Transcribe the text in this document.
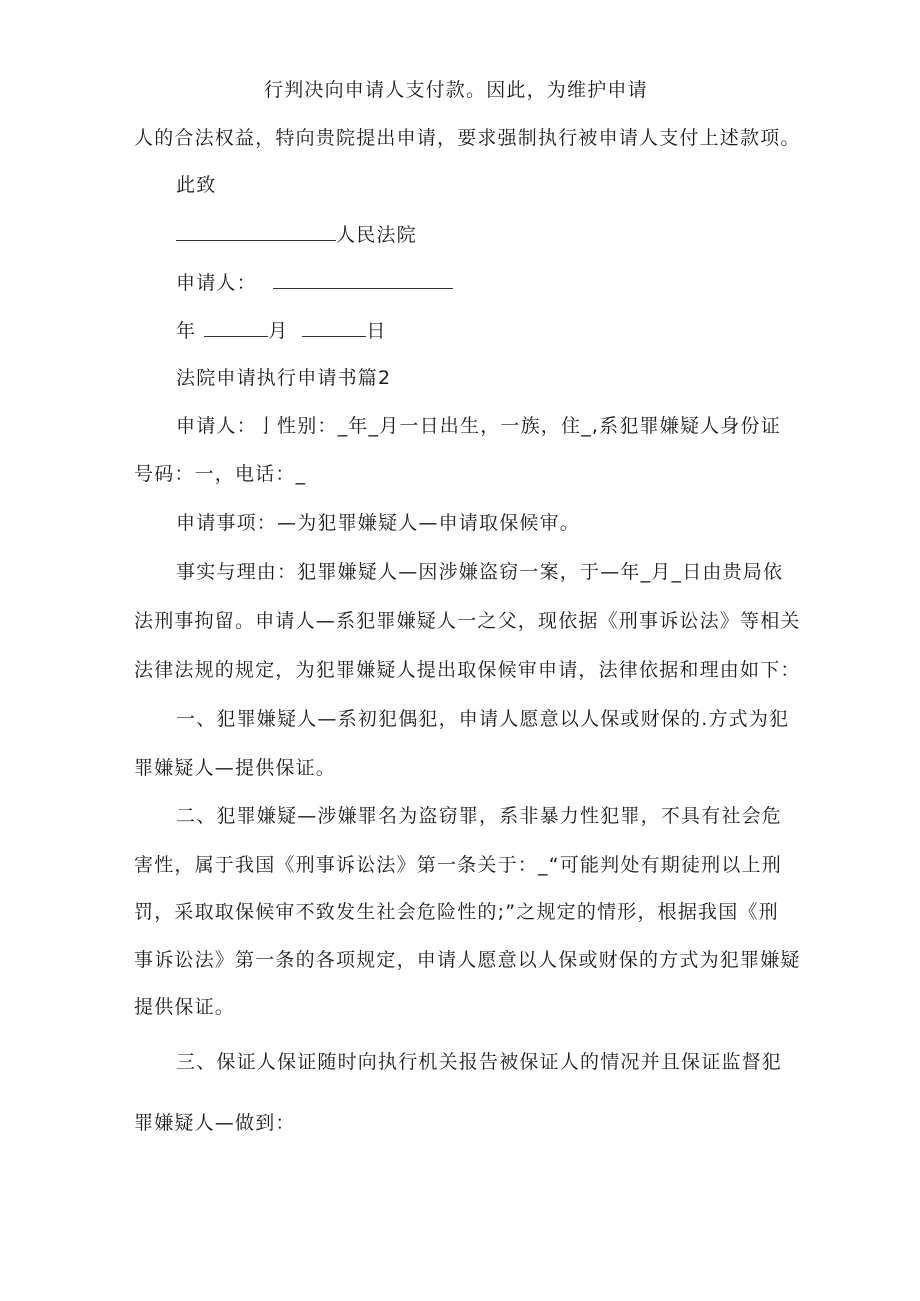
行判决向申请人支付款。因此，为维护申请
人的合法权益，特向贵院提出申请，要求强制执行被申请人支付上述款项。
此致
人民法院
申请人：
年	月	日
法院申请执行申请书篇2
申请人：亅性别：_年_月一日出生，一族，住_,系犯罪嫌疑人身份证
号码：一，电话：_
申请事项：—为犯罪嫌疑人—申请取保候审。
事实与理由：犯罪嫌疑人—因涉嫌盗窃一案，于—年_月_日由贵局依
法刑事拘留。申请人—系犯罪嫌疑人一之父，现依据《刑事诉讼法》等相关
法律法规的规定，为犯罪嫌疑人提出取保候审申请，法律依据和理由如下：
一、犯罪嫌疑人—系初犯偶犯，申请人愿意以人保或财保的.方式为犯
罪嫌疑人—提供保证。
二、犯罪嫌疑—涉嫌罪名为盗窃罪，系非暴力性犯罪，不具有社会危
害性，属于我国《刑事诉讼法》第一条关于：_“可能判处有期徒刑以上刑
罚，采取取保候审不致发生社会危险性的;”之规定的情形，根据我国《刑
事诉讼法》第一条的各项规定，申请人愿意以人保或财保的方式为犯罪嫌疑
提供保证。
三、保证人保证随时向执行机关报告被保证人的情况并且保证监督犯
罪嫌疑人—做到：
